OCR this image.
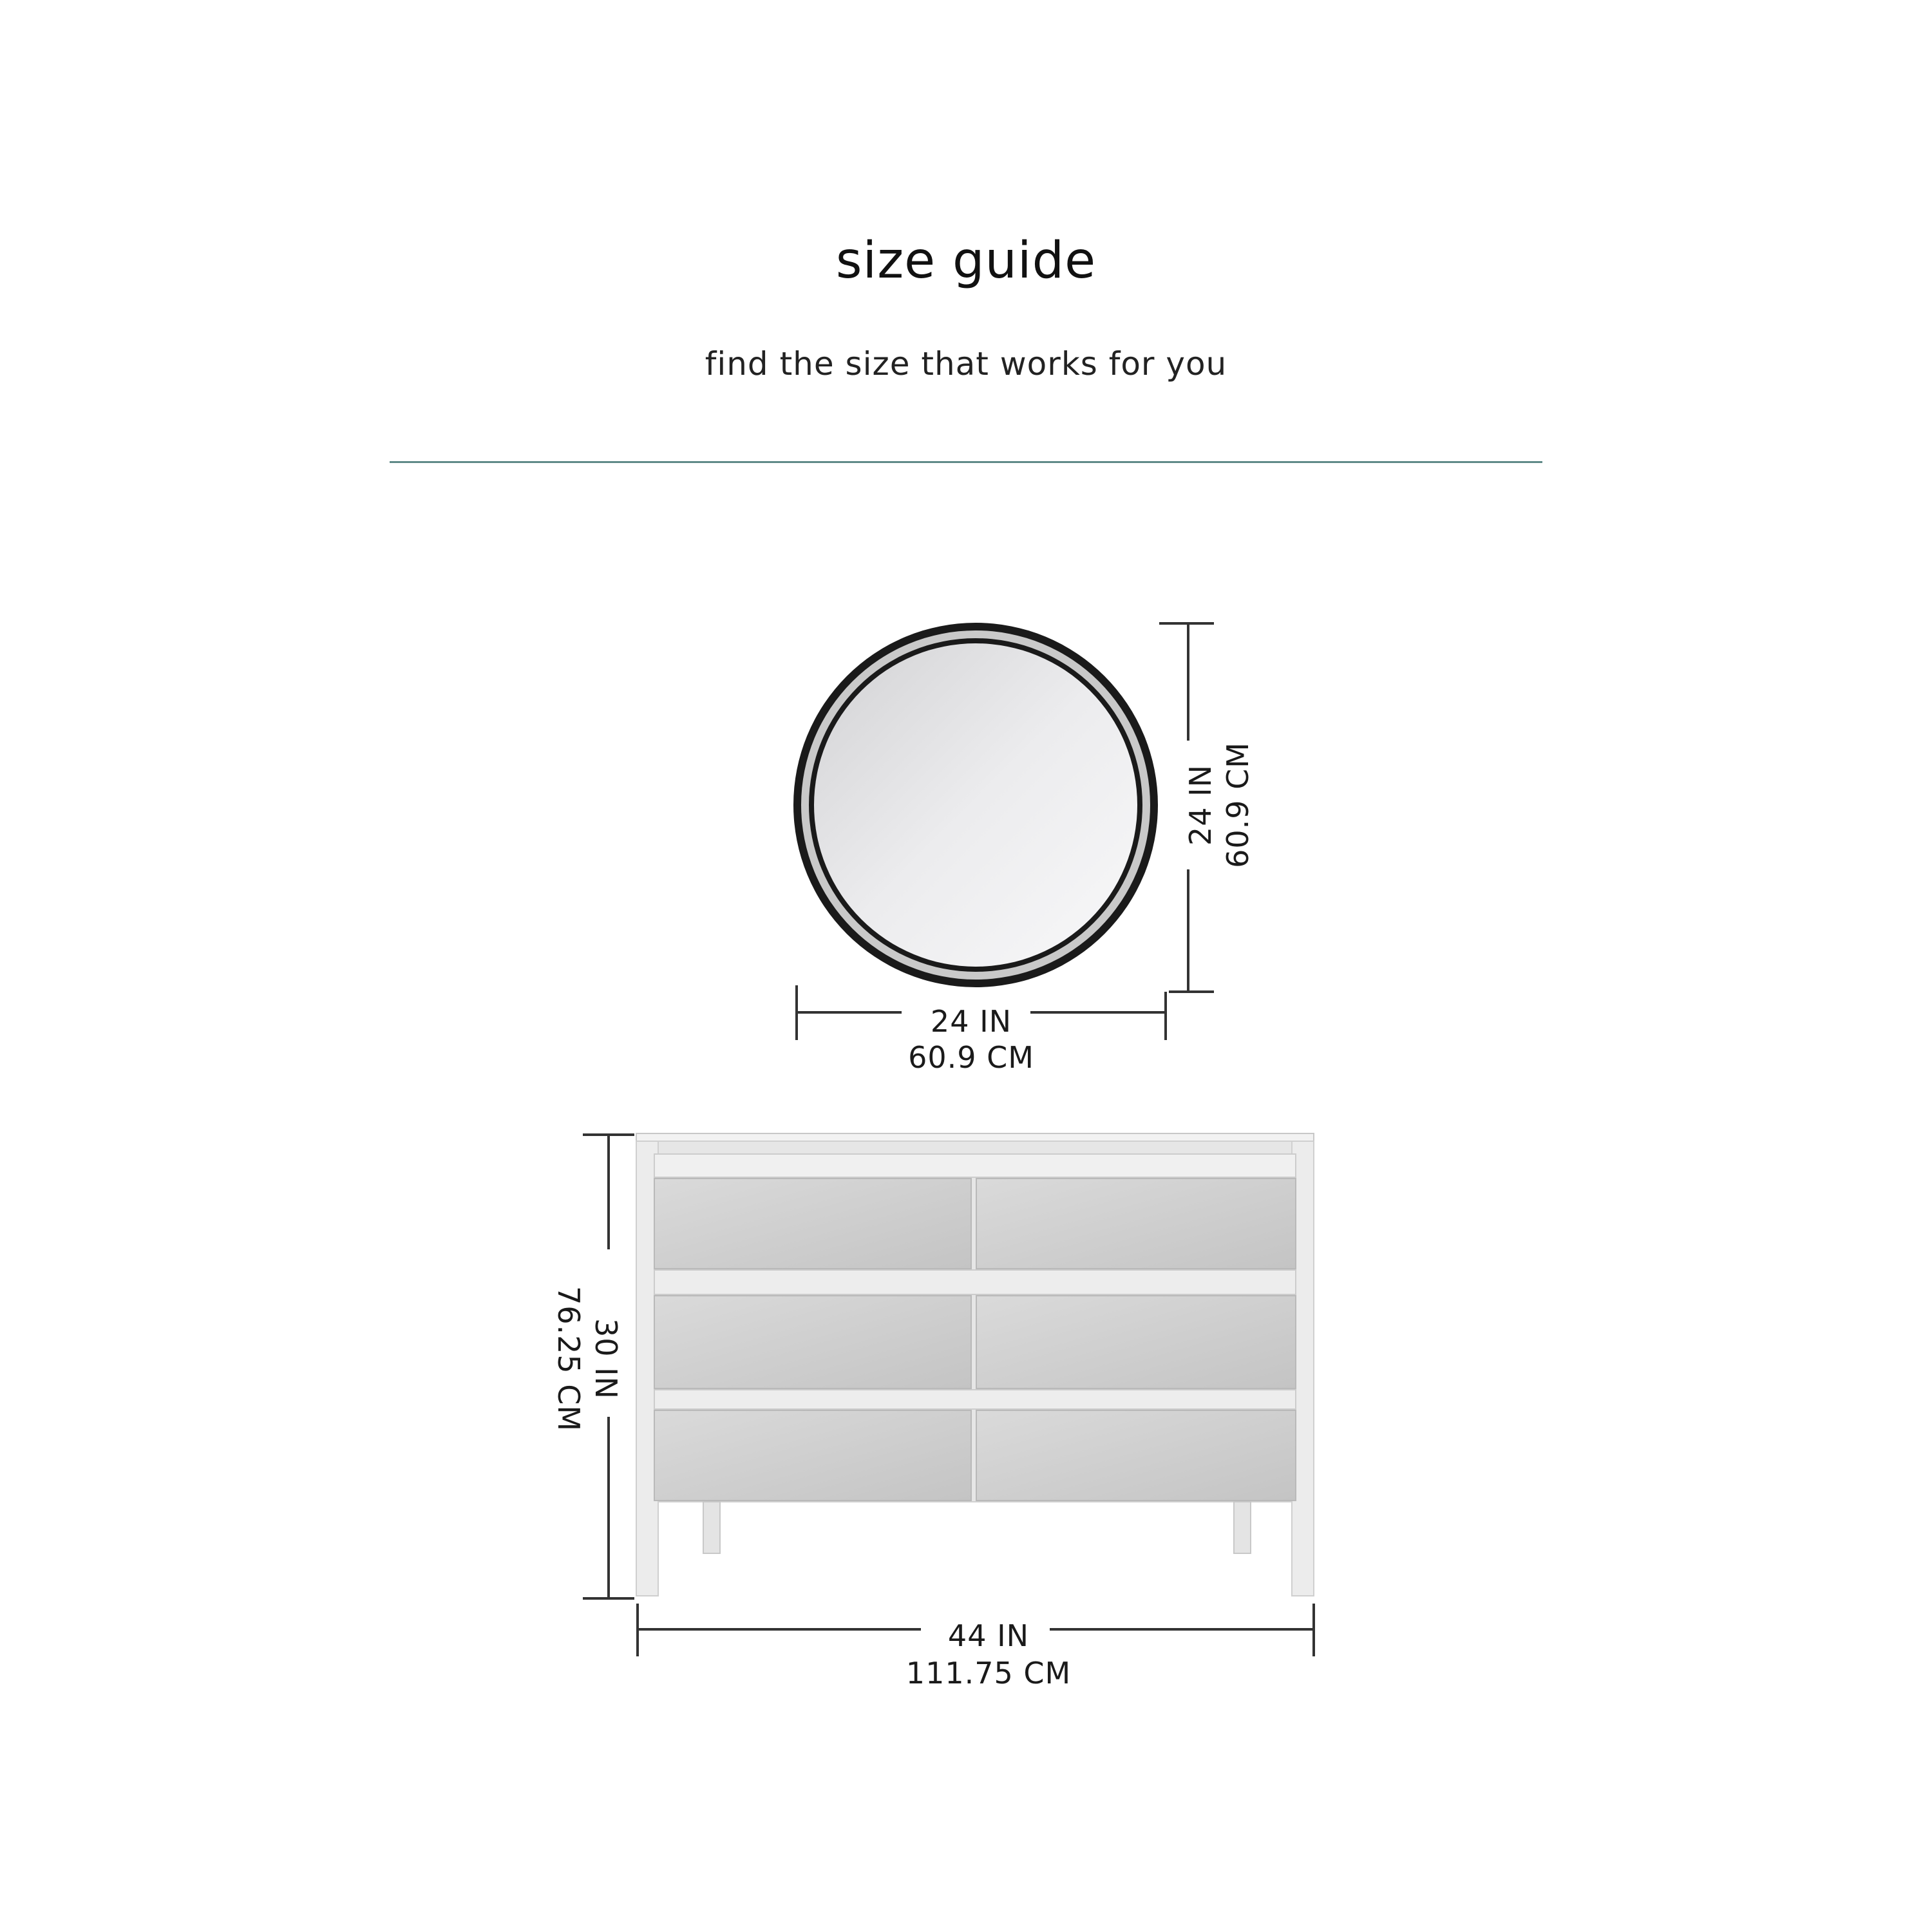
size guide

find the size that works for you

24 IN 60.9 CM
24 IN
60.9 CM
30 IN
76.25 CM
44 IN
111.75 CM
